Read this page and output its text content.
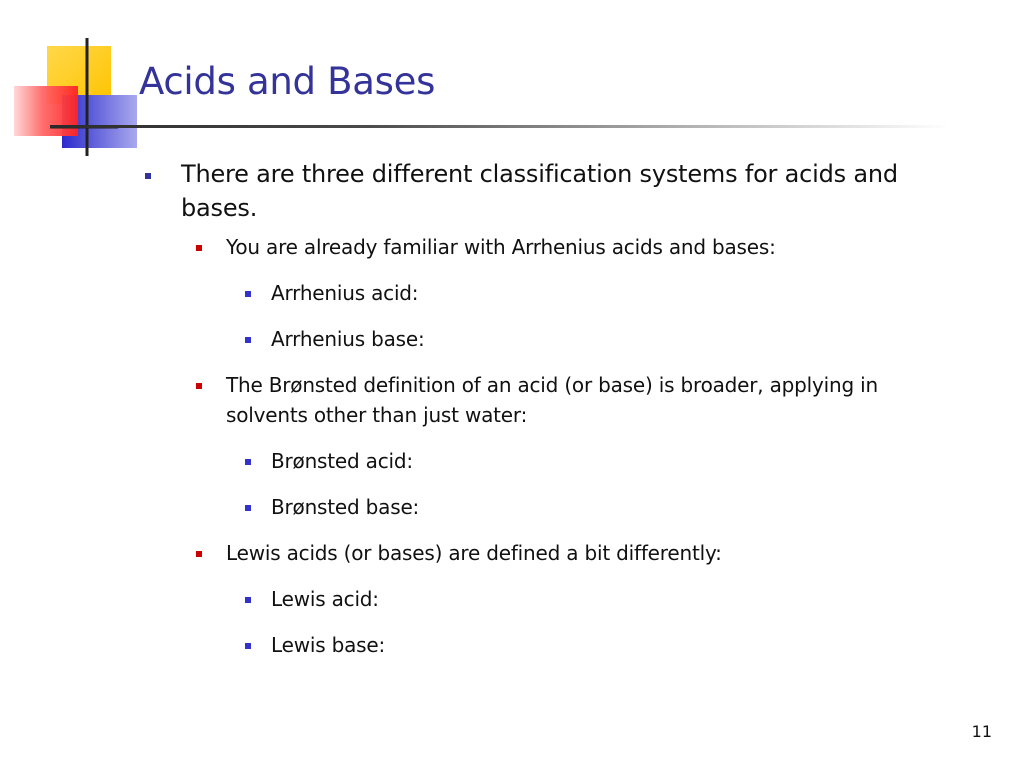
Acids and Bases
There are three different classification systems for acids and
bases.
You are already familiar with Arrhenius acids and bases:
Arrhenius acid:
Arrhenius base:
The Brønsted definition of an acid (or base) is broader, applying in
solvents other than just water:
Brønsted acid:
Brønsted base:
Lewis acids (or bases) are defined a bit differently:
Lewis acid:
Lewis base:
11
